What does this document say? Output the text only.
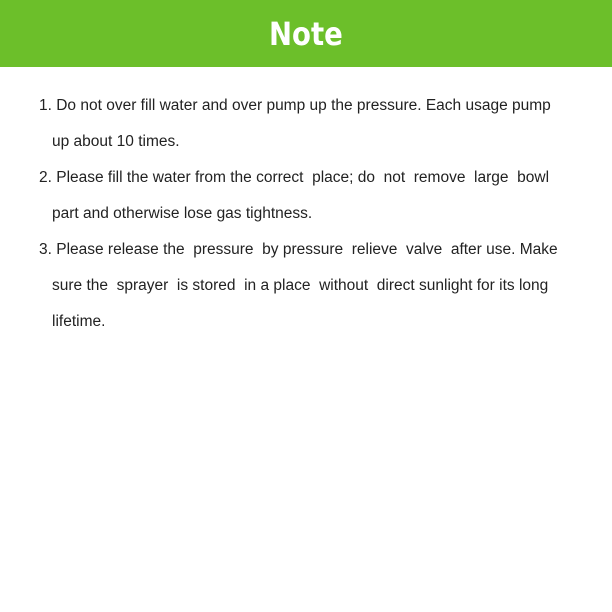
Note
1. Do not over fill water and over pump up the pressure. Each usage pump
up about 10 times.
2. Please fill the water from the correct  place; do  not  remove  large  bowl
part and otherwise lose gas tightness.
3. Please release the  pressure  by pressure  relieve  valve  after use. Make
sure the  sprayer  is stored  in a place  without  direct sunlight for its long
lifetime.
